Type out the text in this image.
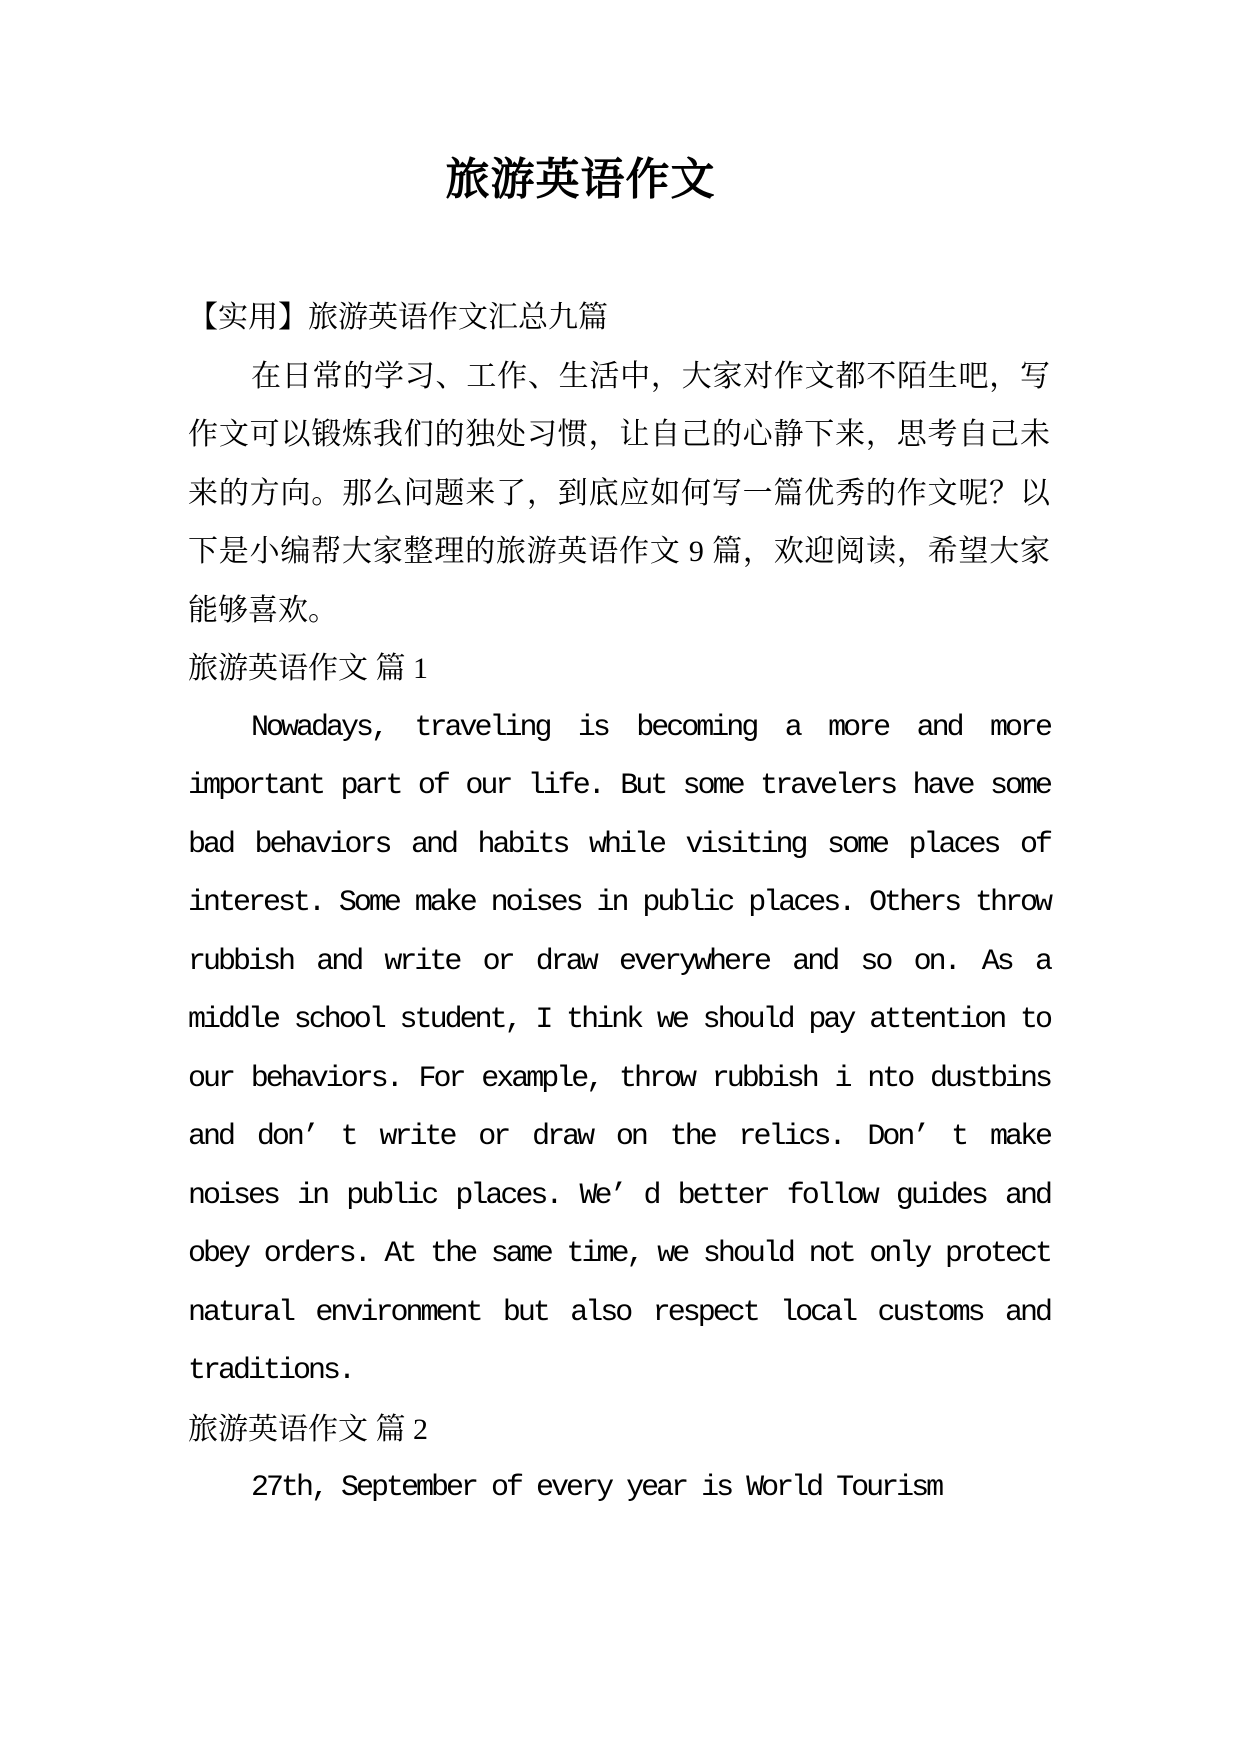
旅游英语作文

【实用】旅游英语作文汇总九篇

在日常的学习、工作、生活中，大家对作文都不陌生吧，写作文可以锻炼我们的独处习惯，让自己的心静下来，思考自己未来的方向。那么问题来了，到底应如何写一篇优秀的作文呢？以下是小编帮大家整理的旅游英语作文 9 篇，欢迎阅读，希望大家能够喜欢。

旅游英语作文 篇 1

Nowadays, traveling is becoming a more and more important part of our life. But some travelers have some bad behaviors and habits while visiting some places of interest. Some make noises in public places. Others throw rubbish and write or draw everywhere and so on. As a middle school student, I think we should pay attention to our behaviors. For example, throw rubbish i nto dustbins and don’ t write or draw on the relics. Don’ t make noises in public places. We’ d better follow guides and obey orders. At the same time, we should not only protect natural environment but also respect local customs and traditions.

旅游英语作文 篇 2

27th, September of every year is World Tourism
